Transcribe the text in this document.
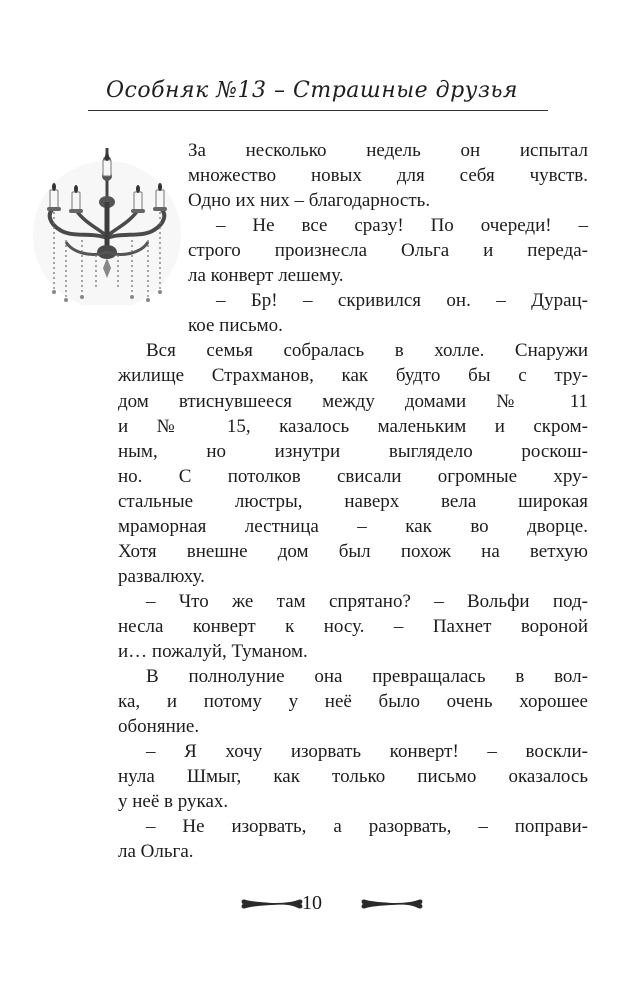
Особняк №13 – Страшные друзья
За несколько недель он испытал
множество новых для себя чувств.
Одно их них – благодарность.
– Не все сразу! По очереди! –
строго произнесла Ольга и переда-
ла конверт лешему.
– Бр! – скривился он. – Дурац-
кое письмо.
Вся семья собралась в холле. Снаружи
жилище Страхманов, как будто бы с тру-
дом втиснувшееся между домами № 11
и № 15, казалось маленьким и скром-
ным, но изнутри выглядело роскош-
но. С потолков свисали огромные хру-
стальные люстры, наверх вела широкая
мраморная лестница – как во дворце.
Хотя внешне дом был похож на ветхую
развалюху.
– Что же там спрятано? – Вольфи под-
несла конверт к носу. – Пахнет вороной
и… пожалуй, Туманом.
В полнолуние она превращалась в вол-
ка, и потому у неё было очень хорошее
обоняние.
– Я хочу изорвать конверт! – воскли-
нула Шмыг, как только письмо оказалось
у неё в руках.
– Не изорвать, а разорвать, – поправи-
ла Ольга.
10
